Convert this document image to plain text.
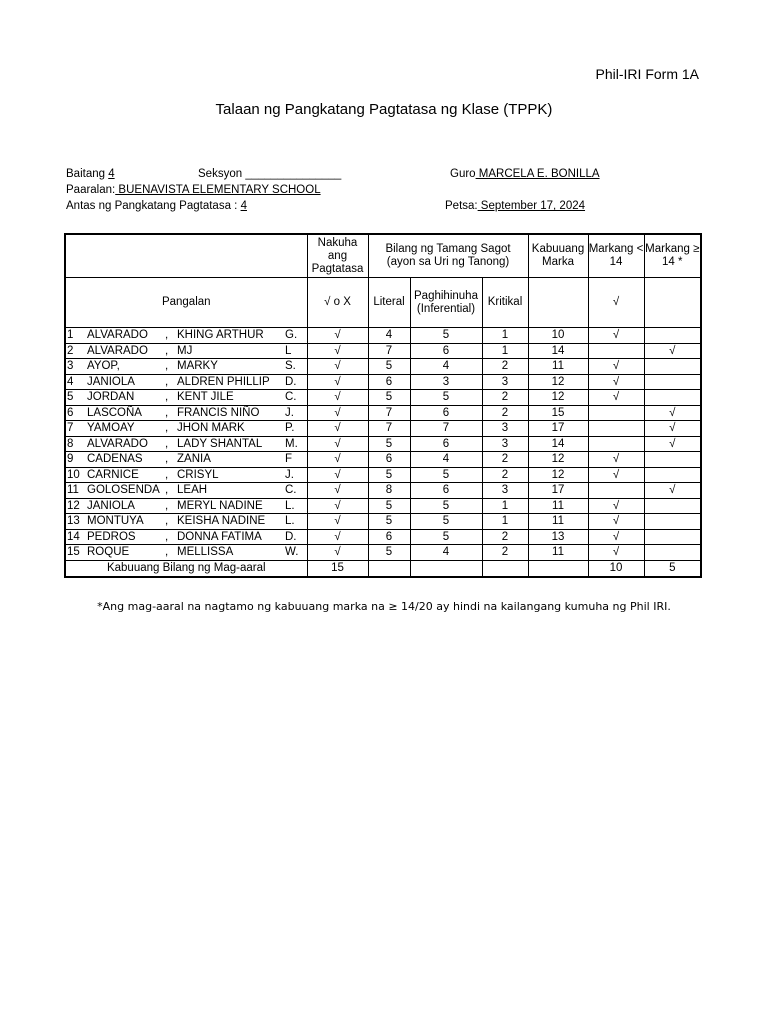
Phil-IRI Form 1A
Talaan ng Pangkatang Pagtatasa ng Klase (TPPK)
Baitang 4	Seksyon _______________	Guro MARCELA E. BONILLA
Paaralan: BUENAVISTA ELEMENTARY SCHOOL
Antas ng Pangkatang Pagtatasa : 4	Petsa: September 17, 2024
	Nakuha ang Pagtatasa	Bilang ng Tamang Sagot (ayon sa Uri ng Tanong)			Kabuuang Marka	Markang < 14	Markang ≥ 14 *
Pangalan	√ o X	Literal	Paghihinuha (Inferential)	Kritikal		√	
1 ALVARADO , KHING ARTHUR G.	√	4	5	1	10	√	
2 ALVARADO , MJ L	√	7	6	1	14		√
3 AYOP, , MARKY S.	√	5	4	2	11	√	
4 JANIOLA , ALDREN PHILLIP D.	√	6	3	3	12	√	
5 JORDAN , KENT JILE C.	√	5	5	2	12	√	
6 LASCOÑA , FRANCIS NIÑO J.	√	7	6	2	15		√
7 YAMOAY , JHON MARK P.	√	7	7	3	17		√
8 ALVARADO , LADY SHANTAL M.	√	5	6	3	14		√
9 CADENAS , ZANIA F	√	6	4	2	12	√	
10 CARNICE , CRISYL J.	√	5	5	2	12	√	
11 GOLOSENDA , LEAH C.	√	8	6	3	17		√
12 JANIOLA , MERYL NADINE L.	√	5	5	1	11	√	
13 MONTUYA , KEISHA NADINE L.	√	5	5	1	11	√	
14 PEDROS , DONNA FATIMA D.	√	6	5	2	13	√	
15 ROQUE , MELLISSA W.	√	5	4	2	11	√	
Kabuuang Bilang ng Mag-aaral	15					10	5
*Ang mag-aaral na nagtamo ng kabuuang marka na ≥ 14/20 ay hindi na kailangang kumuha ng Phil IRI.
